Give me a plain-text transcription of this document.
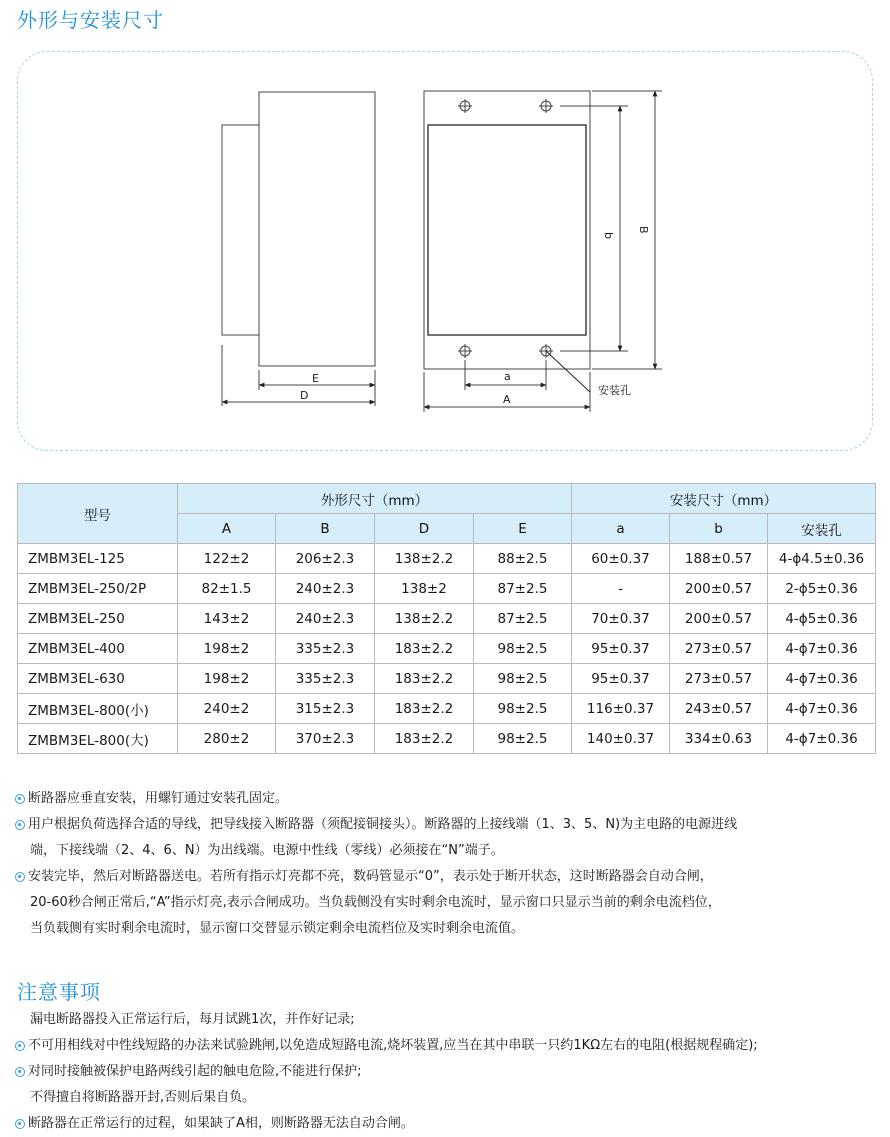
外形与安装尺寸
E
D
a
A
b
B
安装孔
型号	外形尺寸（mm）				安装尺寸（mm）		
	A	B	D	E	a	b	安装孔
ZMBM3EL-125	122±2	206±2.3	138±2.2	88±2.5	60±0.37	188±0.57	4-ϕ4.5±0.36
ZMBM3EL-250/2P	82±1.5	240±2.3	138±2	87±2.5	-	200±0.57	2-ϕ5±0.36
ZMBM3EL-250	143±2	240±2.3	138±2.2	87±2.5	70±0.37	200±0.57	4-ϕ5±0.36
ZMBM3EL-400	198±2	335±2.3	183±2.2	98±2.5	95±0.37	273±0.57	4-ϕ7±0.36
ZMBM3EL-630	198±2	335±2.3	183±2.2	98±2.5	95±0.37	273±0.57	4-ϕ7±0.36
ZMBM3EL-800(小)	240±2	315±2.3	183±2.2	98±2.5	116±0.37	243±0.57	4-ϕ7±0.36
ZMBM3EL-800(大)	280±2	370±2.3	183±2.2	98±2.5	140±0.37	334±0.63	4-ϕ7±0.36
断路器应垂直安装，用螺钉通过安装孔固定。
用户根据负荷选择合适的导线，把导线接入断路器（须配接铜接头）。断路器的上接线端（1、3、5、N)为主电路的电源进线
端，下接线端（2、4、6、N）为出线端。电源中性线（零线）必须接在“N”端子。
安装完毕，然后对断路器送电。若所有指示灯亮都不亮，数码管显示“0”，表示处于断开状态，这时断路器会自动合闸，
20-60秒合闸正常后,“A”指示灯亮,表示合闸成功。当负载侧没有实时剩余电流时，显示窗口只显示当前的剩余电流档位，
当负载侧有实时剩余电流时，显示窗口交替显示锁定剩余电流档位及实时剩余电流值。
注意事项
漏电断路器投入正常运行后，每月试跳1次，并作好记录;
不可用相线对中性线短路的办法来试验跳闸,以免造成短路电流,烧坏装置,应当在其中串联一只约1KΩ左右的电阻(根据规程确定);
对同时接触被保护电路两线引起的触电危险,不能进行保护;
不得擅自将断路器开封,否则后果自负。
断路器在正常运行的过程，如果缺了A相，则断路器无法自动合闸。
